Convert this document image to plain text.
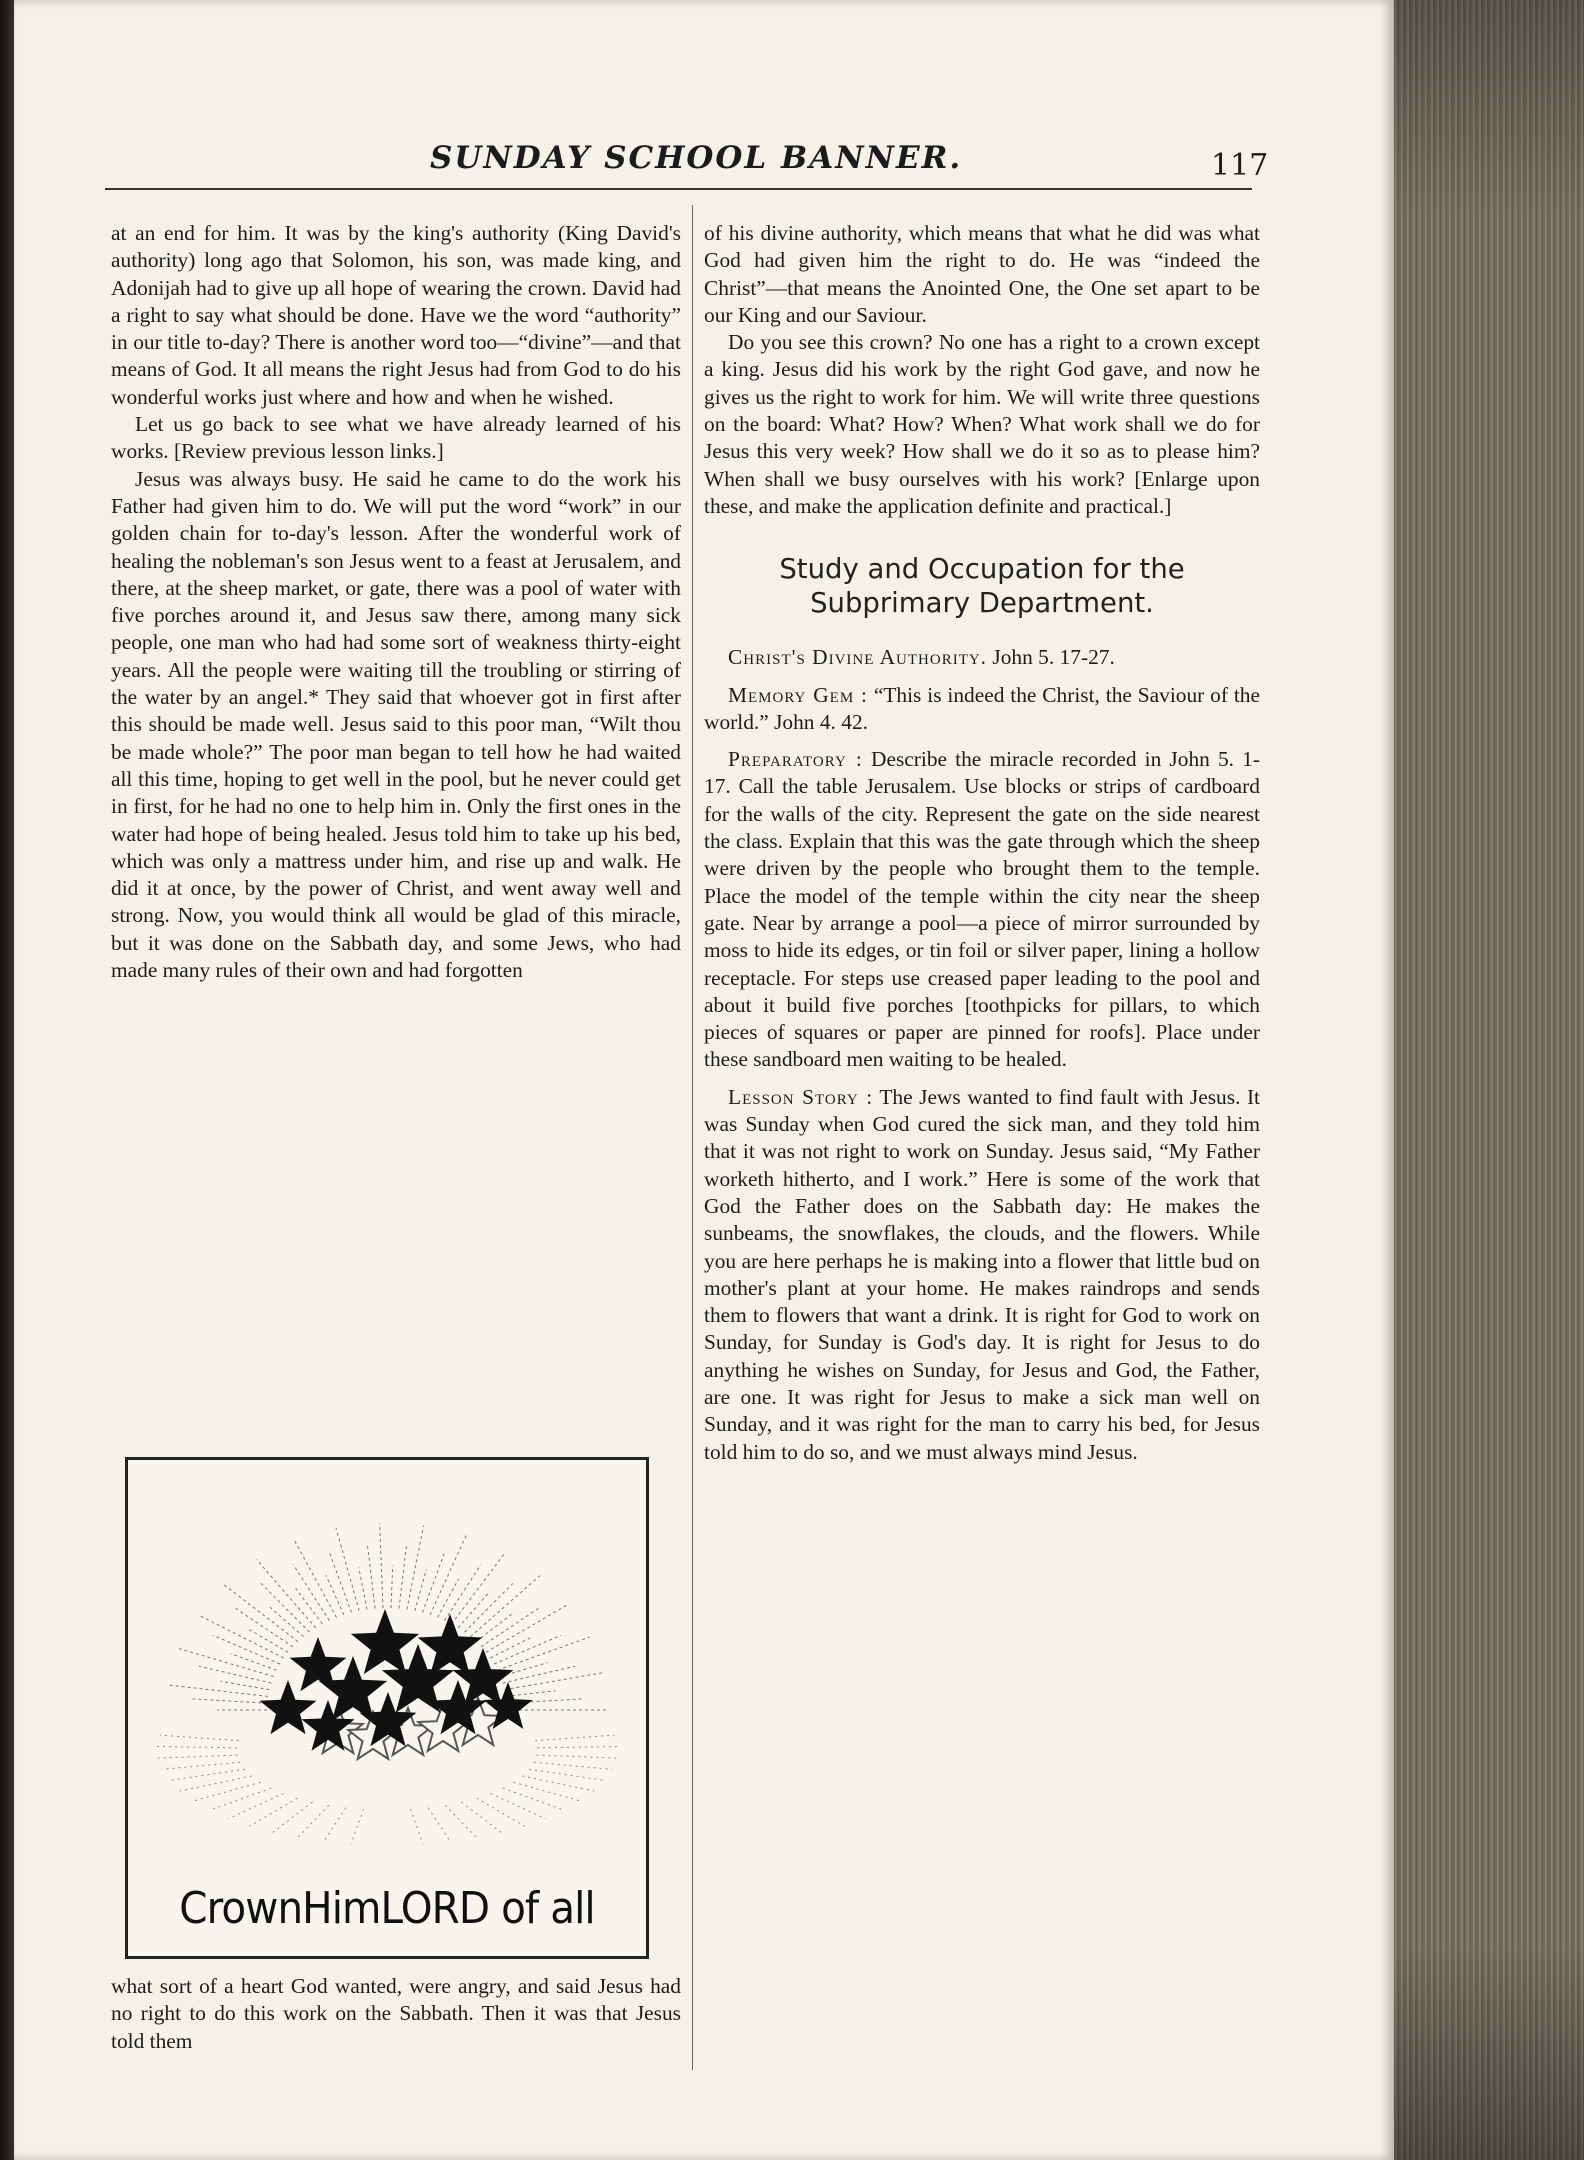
SUNDAY SCHOOL BANNER.	117

at an end for him. It was by the king's authority (King David's authority) long ago that Solomon, his son, was made king, and Adonijah had to give up all hope of wearing the crown. David had a right to say what should be done. Have we the word “authority” in our title to-day? There is another word too—“divine”—and that means of God. It all means the right Jesus had from God to do his wonderful works just where and how and when he wished.

Let us go back to see what we have already learned of his works. [Review previous lesson links.]

Jesus was always busy. He said he came to do the work his Father had given him to do. We will put the word “work” in our golden chain for to-day's lesson. After the wonderful work of healing the nobleman's son Jesus went to a feast at Jerusalem, and there, at the sheep market, or gate, there was a pool of water with five porches around it, and Jesus saw there, among many sick people, one man who had had some sort of weakness thirty-eight years. All the people were waiting till the troubling or stirring of the water by an angel.* They said that whoever got in first after this should be made well. Jesus said to this poor man, “Wilt thou be made whole?” The poor man began to tell how he had waited all this time, hoping to get well in the pool, but he never could get in first, for he had no one to help him in. Only the first ones in the water had hope of being healed. Jesus told him to take up his bed, which was only a mattress under him, and rise up and walk. He did it at once, by the power of Christ, and went away well and strong. Now, you would think all would be glad of this miracle, but it was done on the Sabbath day, and some Jews, who had made many rules of their own and had forgotten

CrownHimLORD of all

what sort of a heart God wanted, were angry, and said Jesus had no right to do this work on the Sabbath. Then it was that Jesus told them

of his divine authority, which means that what he did was what God had given him the right to do. He was “indeed the Christ”—that means the Anointed One, the One set apart to be our King and our Saviour.

Do you see this crown? No one has a right to a crown except a king. Jesus did his work by the right God gave, and now he gives us the right to work for him. We will write three questions on the board: What? How? When? What work shall we do for Jesus this very week? How shall we do it so as to please him? When shall we busy ourselves with his work? [Enlarge upon these, and make the application definite and practical.]

Study and Occupation for the Subprimary Department.

Christ's Divine Authority. John 5. 17-27.

Memory Gem : “This is indeed the Christ, the Saviour of the world.” John 4. 42.

Preparatory : Describe the miracle recorded in John 5. 1-17. Call the table Jerusalem. Use blocks or strips of cardboard for the walls of the city. Represent the gate on the side nearest the class. Explain that this was the gate through which the sheep were driven by the people who brought them to the temple. Place the model of the temple within the city near the sheep gate. Near by arrange a pool—a piece of mirror surrounded by moss to hide its edges, or tin foil or silver paper, lining a hollow receptacle. For steps use creased paper leading to the pool and about it build five porches [toothpicks for pillars, to which pieces of squares or paper are pinned for roofs]. Place under these sandboard men waiting to be healed.

Lesson Story : The Jews wanted to find fault with Jesus. It was Sunday when God cured the sick man, and they told him that it was not right to work on Sunday. Jesus said, “My Father worketh hitherto, and I work.” Here is some of the work that God the Father does on the Sabbath day: He makes the sunbeams, the snowflakes, the clouds, and the flowers. While you are here perhaps he is making into a flower that little bud on mother's plant at your home. He makes raindrops and sends them to flowers that want a drink. It is right for God to work on Sunday, for Sunday is God's day. It is right for Jesus to do anything he wishes on Sunday, for Jesus and God, the Father, are one. It was right for Jesus to make a sick man well on Sunday, and it was right for the man to carry his bed, for Jesus told him to do so, and we must always mind Jesus.
